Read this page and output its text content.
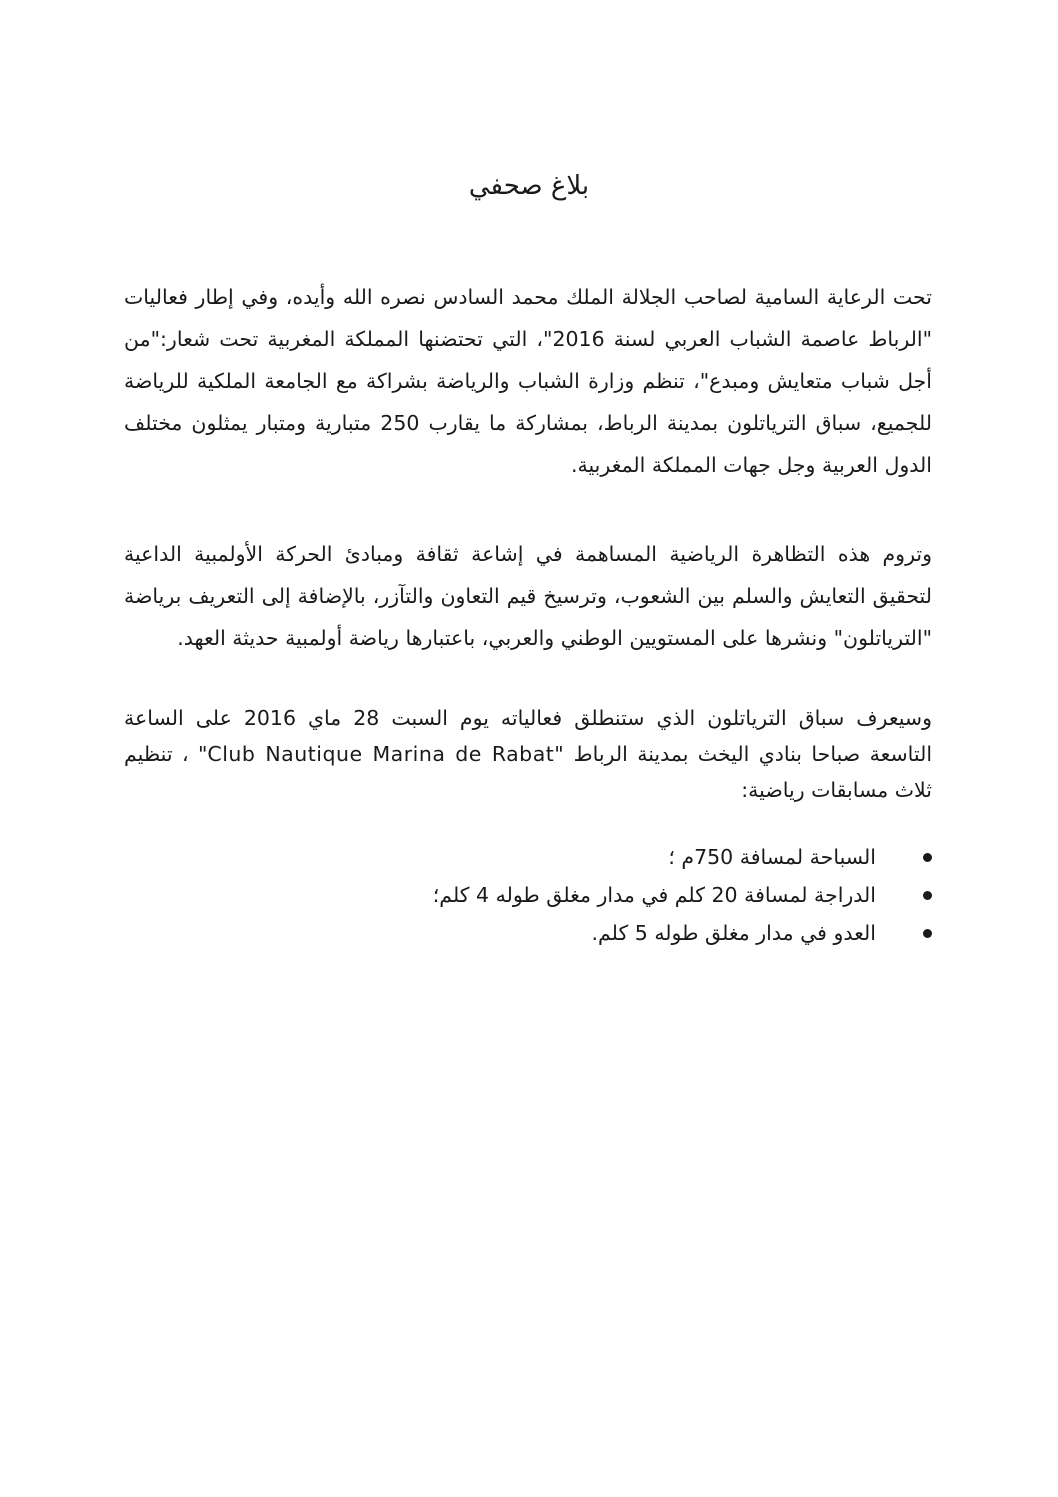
بلاغ صحفي

تحت الرعاية السامية لصاحب الجلالة الملك محمد السادس نصره الله وأيده، وفي إطار فعاليات "الرباط عاصمة الشباب العربي لسنة 2016"، التي تحتضنها المملكة المغربية تحت شعار:"من أجل شباب متعايش ومبدع"، تنظم وزارة الشباب والرياضة بشراكة مع الجامعة الملكية للرياضة للجميع، سباق الترياتلون بمدينة الرباط، بمشاركة ما يقارب 250 متبارية ومتبار يمثلون مختلف الدول العربية وجل جهات المملكة المغربية.

وتروم هذه التظاهرة الرياضية المساهمة في إشاعة ثقافة ومبادئ الحركة الأولمبية الداعية لتحقيق التعايش والسلم بين الشعوب، وترسيخ قيم التعاون والتآزر، بالإضافة إلى التعريف برياضة "الترياتلون" ونشرها على المستويين الوطني والعربي، باعتبارها رياضة أولمبية حديثة العهد.

وسيعرف سباق الترياتلون الذي ستنطلق فعالياته يوم السبت 28 ماي 2016 على الساعة التاسعة صباحا بنادي اليخث بمدينة الرباط "Club Nautique Marina de Rabat" ، تنظيم ثلاث مسابقات رياضية:

السباحة لمسافة 750م ؛
الدراجة لمسافة 20 كلم في مدار مغلق طوله 4 كلم؛
العدو في مدار مغلق طوله 5 كلم.
